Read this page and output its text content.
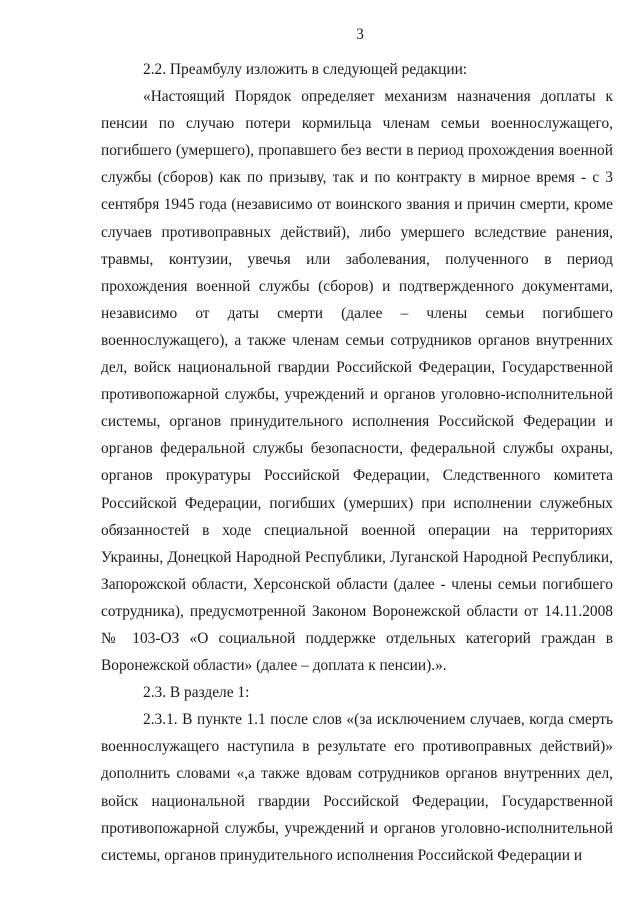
3

2.2. Преамбулу изложить в следующей редакции:

«Настоящий Порядок определяет механизм назначения доплаты к пенсии по случаю потери кормильца членам семьи военнослужащего, погибшего (умершего), пропавшего без вести в период прохождения военной службы (сборов) как по призыву, так и по контракту в мирное время - с 3 сентября 1945 года (независимо от воинского звания и причин смерти, кроме случаев противоправных действий), либо умершего вследствие ранения, травмы, контузии, увечья или заболевания, полученного в период прохождения военной службы (сборов) и подтвержденного документами, независимо от даты смерти (далее – члены семьи погибшего военнослужащего), а также членам семьи сотрудников органов внутренних дел, войск национальной гвардии Российской Федерации, Государственной противопожарной службы, учреждений и органов уголовно-исполнительной системы, органов принудительного исполнения Российской Федерации и органов федеральной службы безопасности, федеральной службы охраны, органов прокуратуры Российской Федерации, Следственного комитета Российской Федерации, погибших (умерших) при исполнении служебных обязанностей в ходе специальной военной операции на территориях Украины, Донецкой Народной Республики, Луганской Народной Республики, Запорожской области, Херсонской области (далее - члены семьи погибшего сотрудника), предусмотренной Законом Воронежской области от 14.11.2008 № 103-ОЗ «О социальной поддержке отдельных категорий граждан в Воронежской области» (далее – доплата к пенсии).».

2.3. В разделе 1:

2.3.1. В пункте 1.1 после слов «(за исключением случаев, когда смерть военнослужащего наступила в результате его противоправных действий)» дополнить словами «,а также вдовам сотрудников органов внутренних дел, войск национальной гвардии Российской Федерации, Государственной противопожарной службы, учреждений и органов уголовно-исполнительной системы, органов принудительного исполнения Российской Федерации и
